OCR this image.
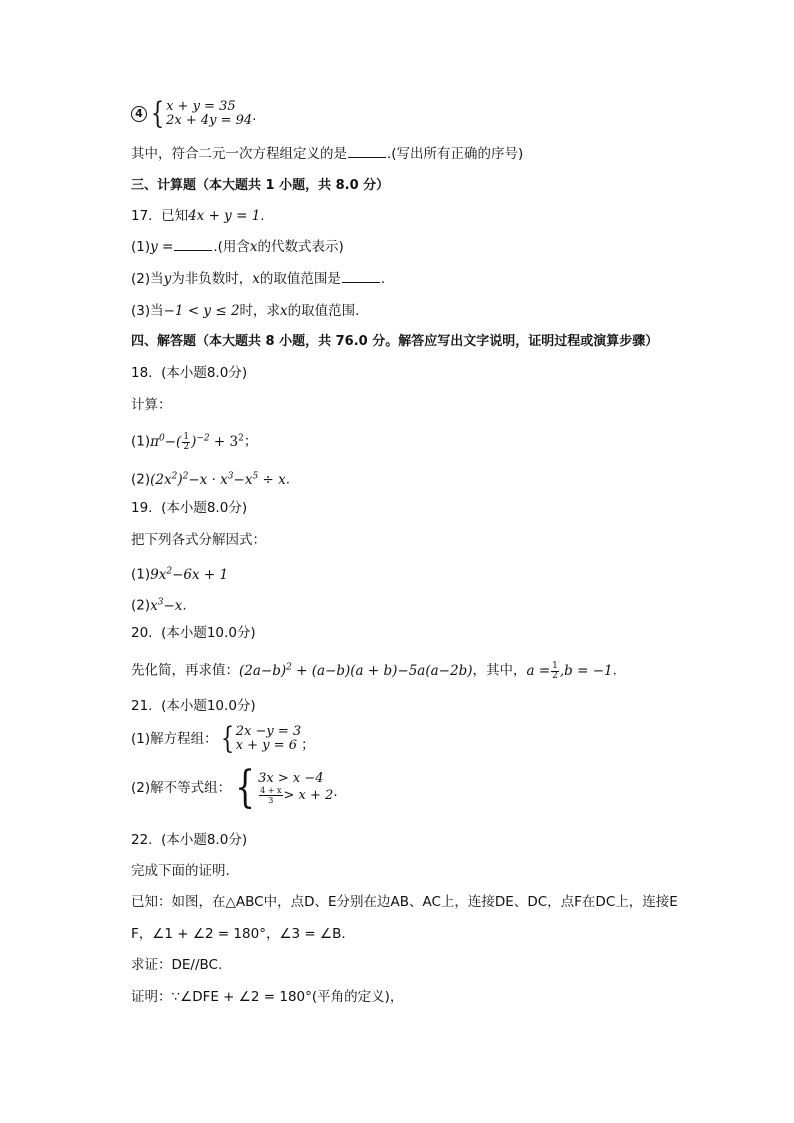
4 { x + y = 35
2x + 4y = 94 ·
其中，符合二元一次方程组定义的是	.(写出所有正确的序号)
三、计算题（本大题共 1 小题，共 8.0 分）
17. 已知4x + y = 1.
(1)y =	.(用含x的代数式表示)
(2)当y为非负数时，x的取值范围是	.
(3)当−1 < y ≤ 2时，求x的取值范围.
四、解答题（本大题共 8 小题，共 76.0 分。解答应写出文字说明，证明过程或演算步骤）
18. (本小题8.0分)
计算：
$(1)\pi^0-( \frac{1}{2} )^{-2} + 3^2$；
$(2)(2x^2)^2-x \cdot x^3-x^5 \div x$.
19. (本小题8.0分)
把下列各式分解因式：
$(1)9x^2-6x + 1$
$(2)x^3-x$.
20. (本小题10.0分)
先化简，再求值：$(2a-b)^2 + (a-b)(a + b)-5a(a-2b)$，其中，$a = \frac{1}{2} ,b = -1$.
21. (本小题10.0分)
(1)解方程组： { 2x −y = 3
x + y = 6 ；
(2)解不等式组： { 3x > x −4
$\frac{4 + x}{3} > x + 2$ ·
22. (本小题8.0分)
完成下面的证明.
已知：如图，在△ABC中，点D、E分别在边AB、AC上，连接DE、DC，点F在DC上，连接E
F，∠1 + ∠2 = 180°，∠3 = ∠B.
求证：DE//BC.
证明：∵∠DFE + ∠2 = 180°(平角的定义)，
